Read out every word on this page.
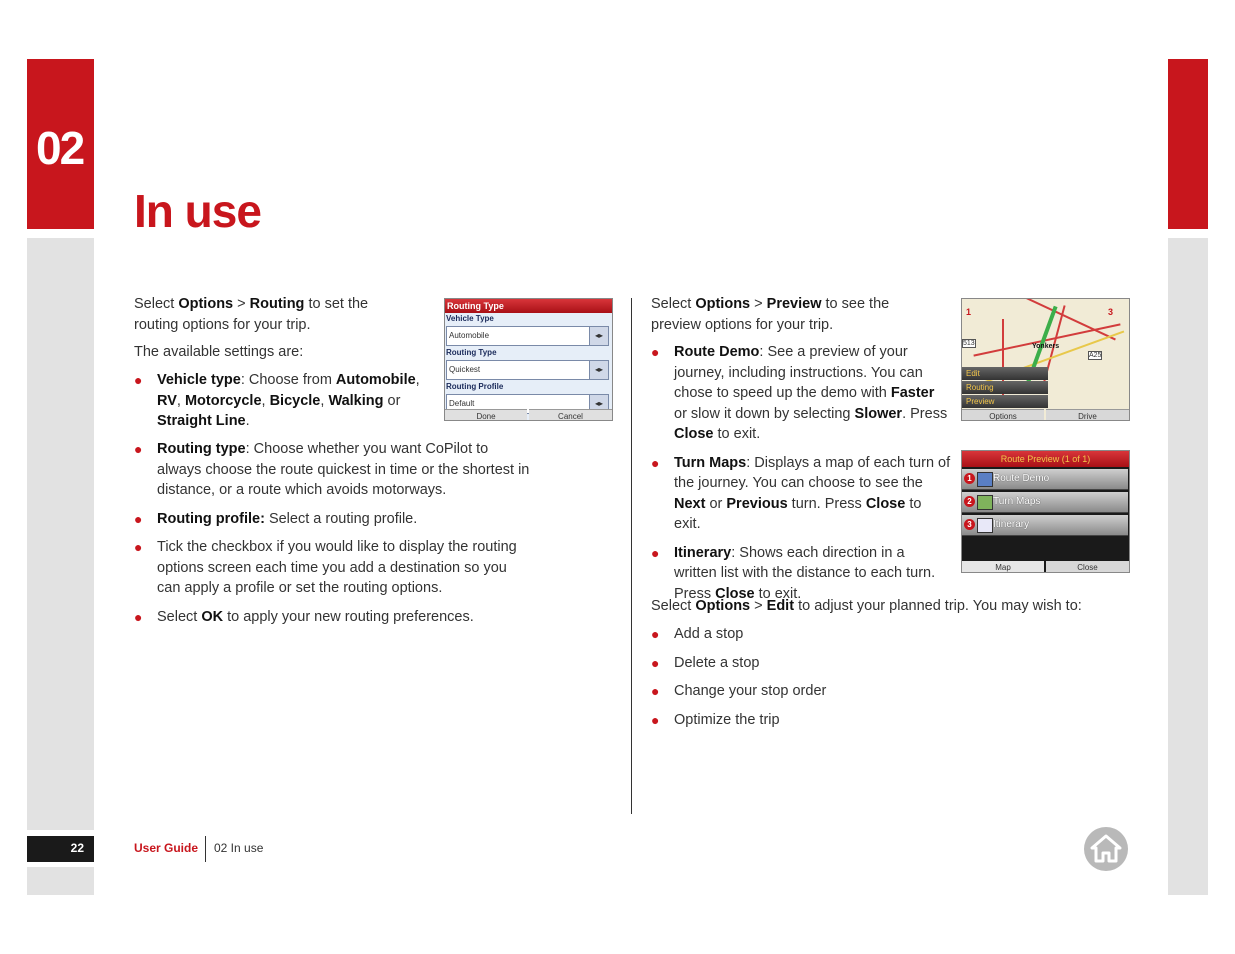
02
22
In use

Select Options > Routing to set the routing options for your trip.

The available settings are:
● Vehicle type: Choose from Automobile, RV, Motorcycle, Bicycle, Walking or Straight Line.
● Routing type: Choose whether you want CoPilot to always choose the route quickest in time or the shortest in distance, or a route which avoids motorways.
● Routing profile: Select a routing profile.
● Tick the checkbox if you would like to display the routing options screen each time you add a destination so you can apply a profile or set the routing options.
● Select OK to apply your new routing preferences.
Routing Type
Vehicle Type
Automobile	◂▸
Routing Type
Quickest	◂▸
Routing Profile
Default	◂▸
Done	Cancel

Select Options > Preview to see the preview options for your trip.

● Route Demo: See a preview of your journey, including instructions. You can chose to speed up the demo with Faster or slow it down by selecting Slower. Press Close to exit.
● Turn Maps: Displays a map of each turn of the journey. You can choose to see the Next or Previous turn. Press Close to exit.
● Itinerary: Shows each direction in a written list with the distance to each turn. Press Close to exit.

Select Options > Edit to adjust your planned trip. You may wish to:

● Add a stop
● Delete a stop
● Change your stop order
● Optimize the trip
Yonkers
513
A25
1	3
Edit
Routing
Preview
Options	Drive
Route Preview (1 of 1)
1	Route Demo
2	Turn Maps
3	Itinerary
Map	Close
User Guide 02 In use
